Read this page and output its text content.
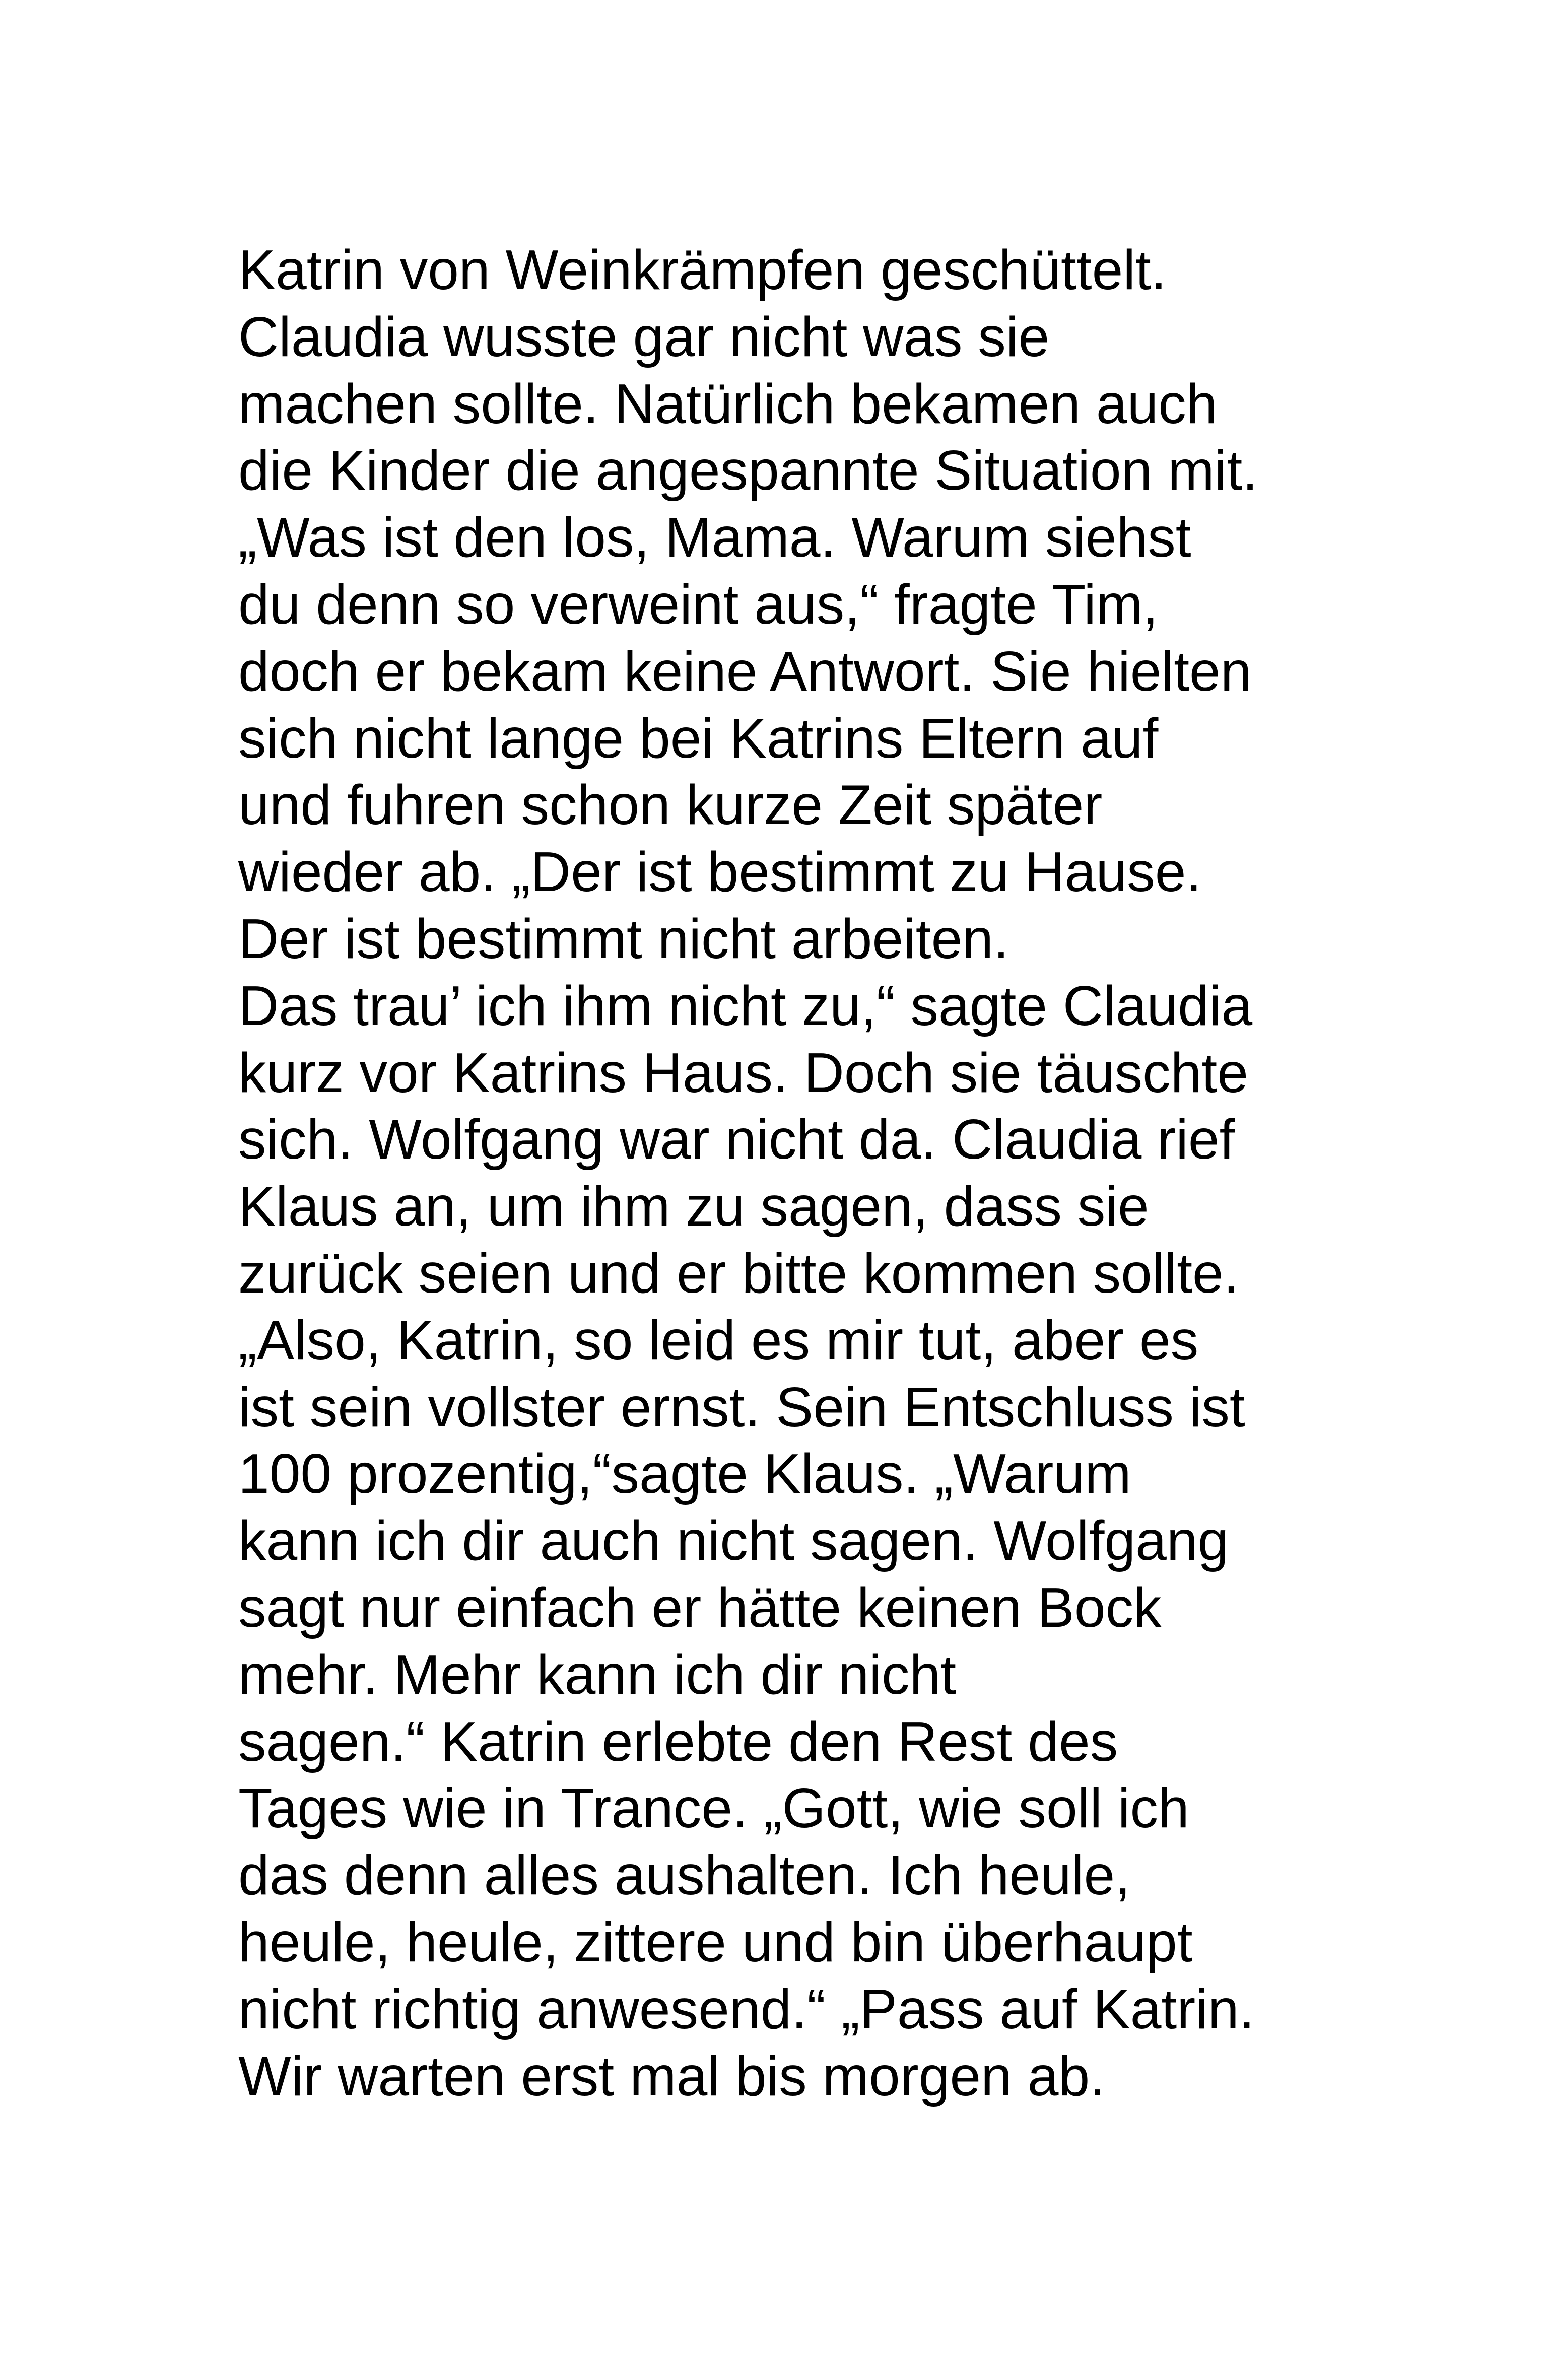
Katrin von Weinkrämpfen geschüttelt.
Claudia wusste gar nicht was sie
machen sollte. Natürlich bekamen auch
die Kinder die angespannte Situation mit.
„Was ist den los, Mama. Warum siehst
du denn so verweint aus,“ fragte Tim,
doch er bekam keine Antwort. Sie hielten
sich nicht lange bei Katrins Eltern auf
und fuhren schon kurze Zeit später
wieder ab. „Der ist bestimmt zu Hause.
Der ist bestimmt nicht arbeiten.
Das trau’ ich ihm nicht zu,“ sagte Claudia
kurz vor Katrins Haus. Doch sie täuschte
sich. Wolfgang war nicht da. Claudia rief
Klaus an, um ihm zu sagen, dass sie
zurück seien und er bitte kommen sollte.
„Also, Katrin, so leid es mir tut, aber es
ist sein vollster ernst. Sein Entschluss ist
100 prozentig,“sagte Klaus. „Warum
kann ich dir auch nicht sagen. Wolfgang
sagt nur einfach er hätte keinen Bock
mehr. Mehr kann ich dir nicht
sagen.“ Katrin erlebte den Rest des
Tages wie in Trance. „Gott, wie soll ich
das denn alles aushalten. Ich heule,
heule, heule, zittere und bin überhaupt
nicht richtig anwesend.“ „Pass auf Katrin.
Wir warten erst mal bis morgen ab.
